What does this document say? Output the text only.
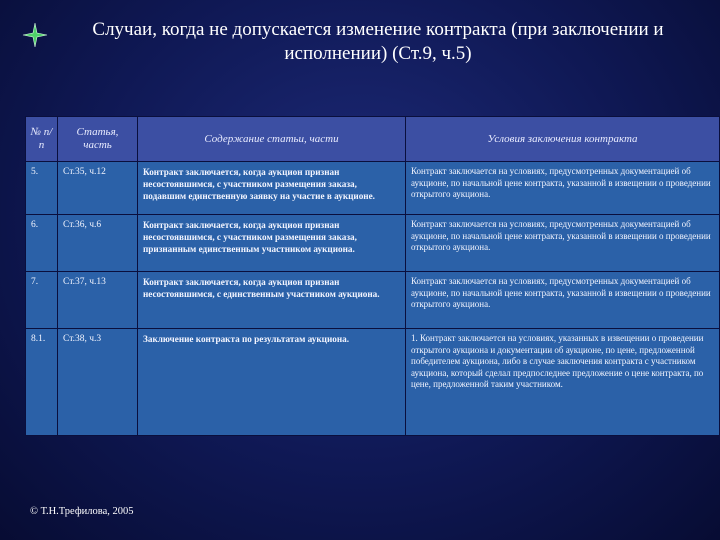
Случаи, когда не допускается изменение контракта (при заключении и исполнении) (Ст.9, ч.5)
№ п/п	Статья, часть	Содержание статьи, части	Условия заключения контракта
5.	Ст.35, ч.12	Контракт заключается, когда аукцион признан несостоявшимся, с участником размещения заказа, подавшим единственную заявку на участие в аукционе.	Контракт заключается на условиях, предусмотренных документацией об аукционе, по начальной цене контракта, указанной в извещении о проведении открытого аукциона.
6.	Ст.36, ч.6	Контракт заключается, когда аукцион признан несостоявшимся, с участником размещения заказа, признанным единственным участником аукциона.	Контракт заключается на условиях, предусмотренных документацией об аукционе, по начальной цене контракта, указанной в извещении о проведении открытого аукциона.
7.	Ст.37, ч.13	Контракт заключается, когда аукцион признан несостоявшимся, с единственным участником аукциона.	Контракт заключается на условиях, предусмотренных документацией об аукционе, по начальной цене контракта, указанной в извещении о проведении открытого аукциона.
8.1.	Ст.38, ч.3	Заключение контракта по результатам аукциона.	1. Контракт заключается на условиях, указанных в извещении о проведении открытого аукциона и документации об аукционе, по цене, предложенной победителем аукциона, либо в случае заключения контракта с участником аукциона, который сделал предпоследнее предложение о цене контракта, по цене, предложенной таким участником.
© Т.Н.Трефилова, 2005
